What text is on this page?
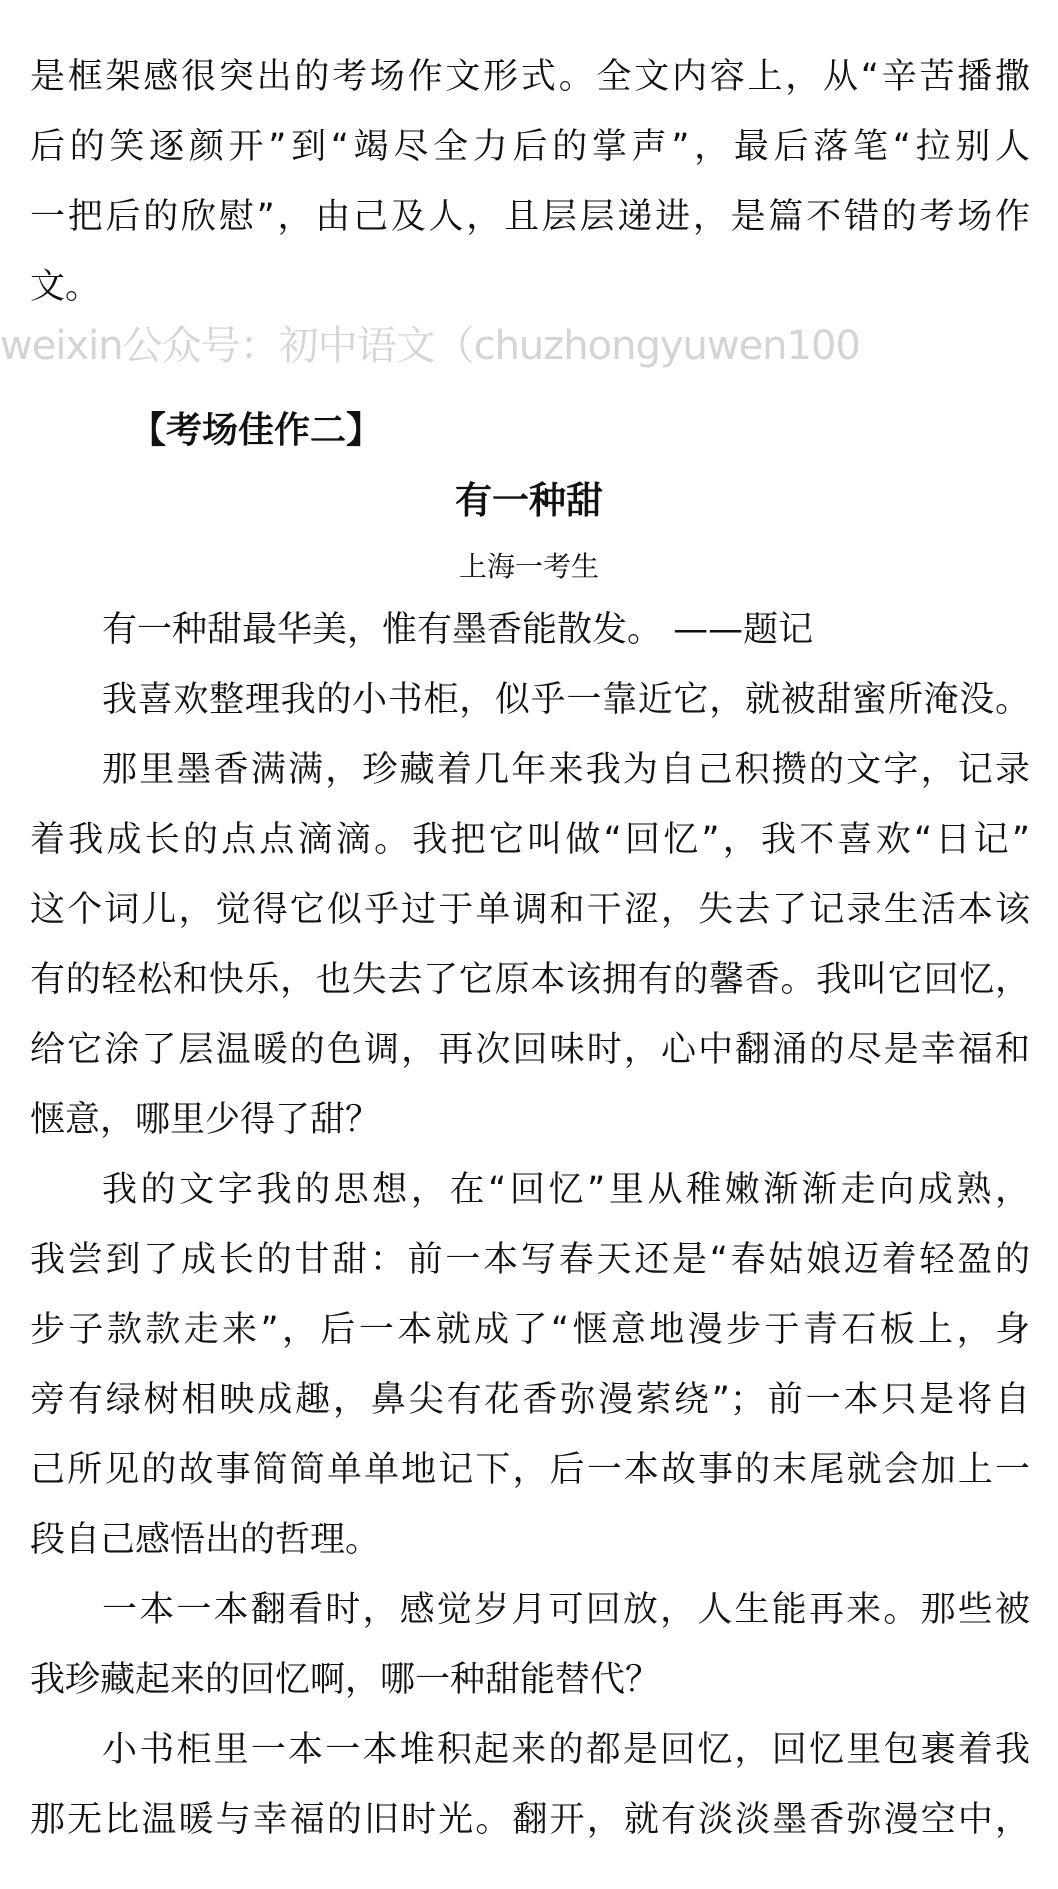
weixin公众号：初中语文（chuzhongyuwen100
是框架感很突出的考场作文形式。全文内容上，从“辛苦播撒
后的笑逐颜开”到“竭尽全力后的掌声”，最后落笔“拉别人
一把后的欣慰”，由己及人，且层层递进，是篇不错的考场作
文。
【考场佳作二】
有一种甜
上海一考生
有一种甜最华美，惟有墨香能散发。 ——题记
我喜欢整理我的小书柜，似乎一靠近它，就被甜蜜所淹没。
那里墨香满满，珍藏着几年来我为自己积攒的文字，记录
着我成长的点点滴滴。我把它叫做“回忆”，我不喜欢“日记”
这个词儿，觉得它似乎过于单调和干涩，失去了记录生活本该
有的轻松和快乐，也失去了它原本该拥有的馨香。我叫它回忆，
给它涂了层温暖的色调，再次回味时，心中翻涌的尽是幸福和
惬意，哪里少得了甜？
我的文字我的思想，在“回忆”里从稚嫩渐渐走向成熟，
我尝到了成长的甘甜：前一本写春天还是“春姑娘迈着轻盈的
步子款款走来”，后一本就成了“惬意地漫步于青石板上，身
旁有绿树相映成趣，鼻尖有花香弥漫萦绕”；前一本只是将自
己所见的故事简简单单地记下，后一本故事的末尾就会加上一
段自己感悟出的哲理。
一本一本翻看时，感觉岁月可回放，人生能再来。那些被
我珍藏起来的回忆啊，哪一种甜能替代？
小书柜里一本一本堆积起来的都是回忆，回忆里包裹着我
那无比温暖与幸福的旧时光。翻开，就有淡淡墨香弥漫空中，
